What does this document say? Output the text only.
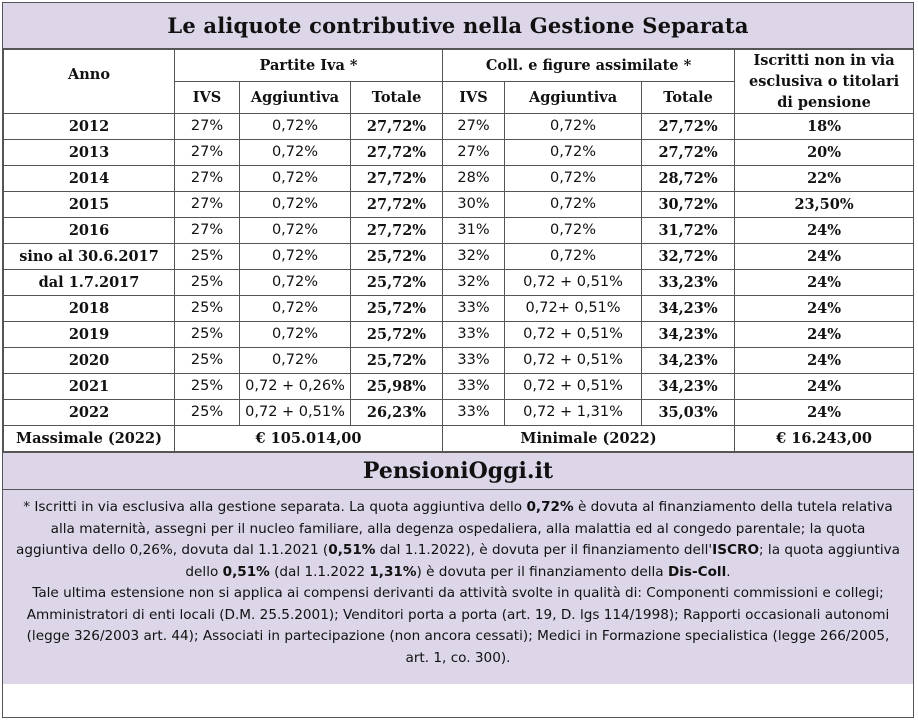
Le aliquote contributive nella Gestione Separata
Anno	Partite Iva *			Coll. e figure assimilate *			Iscritti non in via esclusiva o titolari di pensione
	IVS	Aggiuntiva	Totale	IVS	Aggiuntiva	Totale	
2012	27%	0,72%	27,72%	27%	0,72%	27,72%	18%
2013	27%	0,72%	27,72%	27%	0,72%	27,72%	20%
2014	27%	0,72%	27,72%	28%	0,72%	28,72%	22%
2015	27%	0,72%	27,72%	30%	0,72%	30,72%	23,50%
2016	27%	0,72%	27,72%	31%	0,72%	31,72%	24%
sino al 30.6.2017	25%	0,72%	25,72%	32%	0,72%	32,72%	24%
dal 1.7.2017	25%	0,72%	25,72%	32%	0,72 + 0,51%	33,23%	24%
2018	25%	0,72%	25,72%	33%	0,72+ 0,51%	34,23%	24%
2019	25%	0,72%	25,72%	33%	0,72 + 0,51%	34,23%	24%
2020	25%	0,72%	25,72%	33%	0,72 + 0,51%	34,23%	24%
2021	25%	0,72 + 0,26%	25,98%	33%	0,72 + 0,51%	34,23%	24%
2022	25%	0,72 + 0,51%	26,23%	33%	0,72 + 1,31%	35,03%	24%
Massimale (2022)	€ 105.014,00			Minimale (2022)			€ 16.243,00
PensioniOggi.it
* Iscritti in via esclusiva alla gestione separata. La quota aggiuntiva dello 0,72% è dovuta al finanziamento della tutela relativa alla maternità, assegni per il nucleo familiare, alla degenza ospedaliera, alla malattia ed al congedo parentale; la quota aggiuntiva dello 0,26%, dovuta dal 1.1.2021 (0,51% dal 1.1.2022), è dovuta per il finanziamento dell'ISCRO; la quota aggiuntiva dello 0,51% (dal 1.1.2022 1,31%) è dovuta per il finanziamento della Dis-Coll.
Tale ultima estensione non si applica ai compensi derivanti da attività svolte in qualità di: Componenti commissioni e collegi; Amministratori di enti locali (D.M. 25.5.2001); Venditori porta a porta (art. 19, D. lgs 114/1998); Rapporti occasionali autonomi (legge 326/2003 art. 44); Associati in partecipazione (non ancora cessati); Medici in Formazione specialistica (legge 266/2005, art. 1, co. 300).
